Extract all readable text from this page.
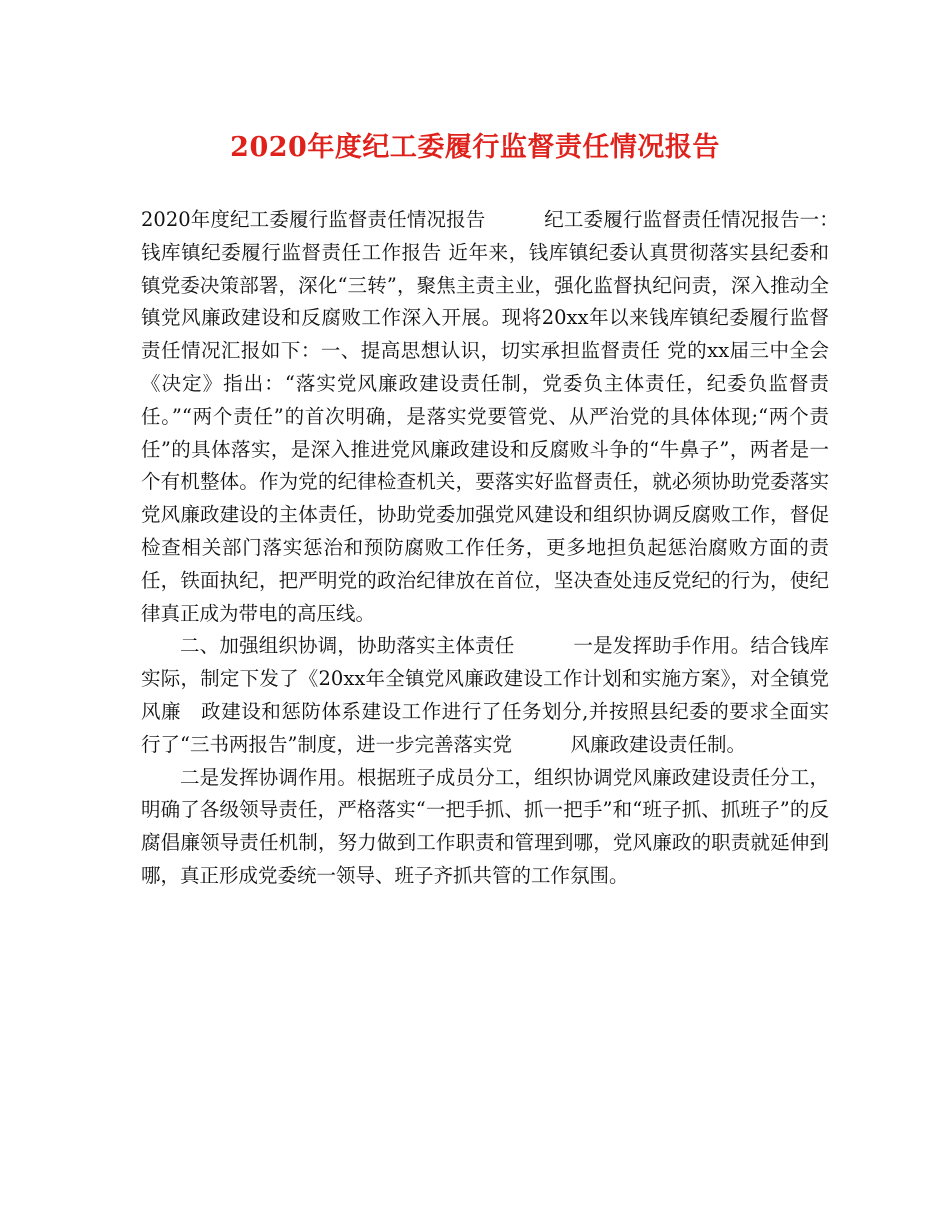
2020年度纪工委履行监督责任情况报告

2020年度纪工委履行监督责任情况报告　　　纪工委履行监督责任情况报告一：　　　　钱库镇纪委履行监督责任工作报告 近年来，钱库镇纪委认真贯彻落实县纪委和镇党委决策部署，深化“三转”，聚焦主责主业，强化监督执纪问责，深入推动全镇党风廉政建设和反腐败工作深入开展。现将20xx年以来钱库镇纪委履行监督责任情况汇报如下：一、提高思想认识，切实承担监督责任 党的xx届三中全会《决定》指出：“落实党风廉政建设责任制，党委负主体责任，纪委负监督责任。”“两个责任”的首次明确，是落实党要管党、从严治党的具体体现;“两个责任”的具体落实，是深入推进党风廉政建设和反腐败斗争的“牛鼻子”，两者是一个有机整体。作为党的纪律检查机关，要落实好监督责任，就必须协助党委落实党风廉政建设的主体责任，协助党委加强党风建设和组织协调反腐败工作，督促检查相关部门落实惩治和预防腐败工作任务，更多地担负起惩治腐败方面的责任，铁面执纪，把严明党的政治纪律放在首位，坚决查处违反党纪的行为，使纪律真正成为带电的高压线。

二、加强组织协调，协助落实主体责任　　　一是发挥助手作用。结合钱库实际，制定下发了《20xx年全镇党风廉政建设工作计划和实施方案》，对全镇党风廉　政建设和惩防体系建设工作进行了任务划分,并按照县纪委的要求全面实行了“三书两报告”制度，进一步完善落实党　　　风廉政建设责任制。

二是发挥协调作用。根据班子成员分工，组织协调党风廉政建设责任分工，明确了各级领导责任，严格落实“一把手抓、抓一把手”和“班子抓、抓班子”的反腐倡廉领导责任机制，努力做到工作职责和管理到哪，党风廉政的职责就延伸到哪，真正形成党委统一领导、班子齐抓共管的工作氛围。
